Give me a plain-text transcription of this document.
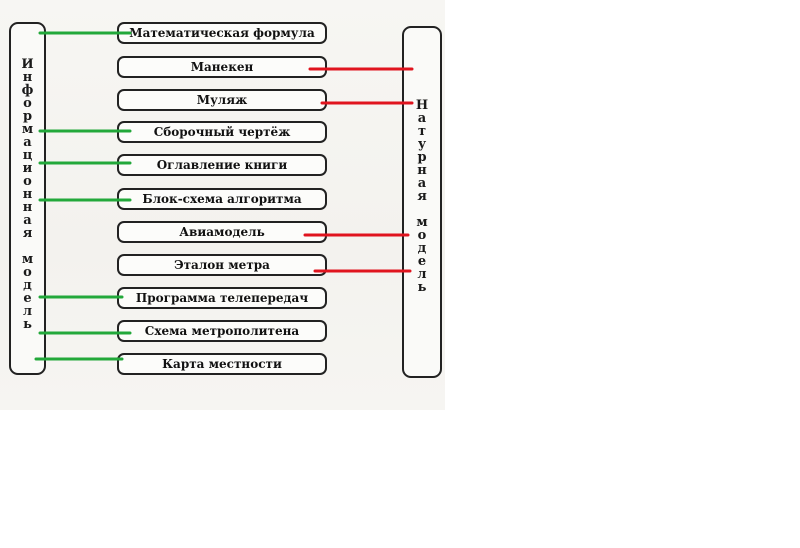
И
н
ф
о
р
м
а
ц
и
о
н
н
а
я

м
о
д
е
л
ь
Н
а
т
у
р
н
а
я

м
о
д
е
л
ь
Математическая формула
Манекен
Муляж
Сборочный чертёж
Оглавление книги
Блок-схема алгоритма
Авиамодель
Эталон метра
Программа телепередач
Схема метрополитена
Карта местности
